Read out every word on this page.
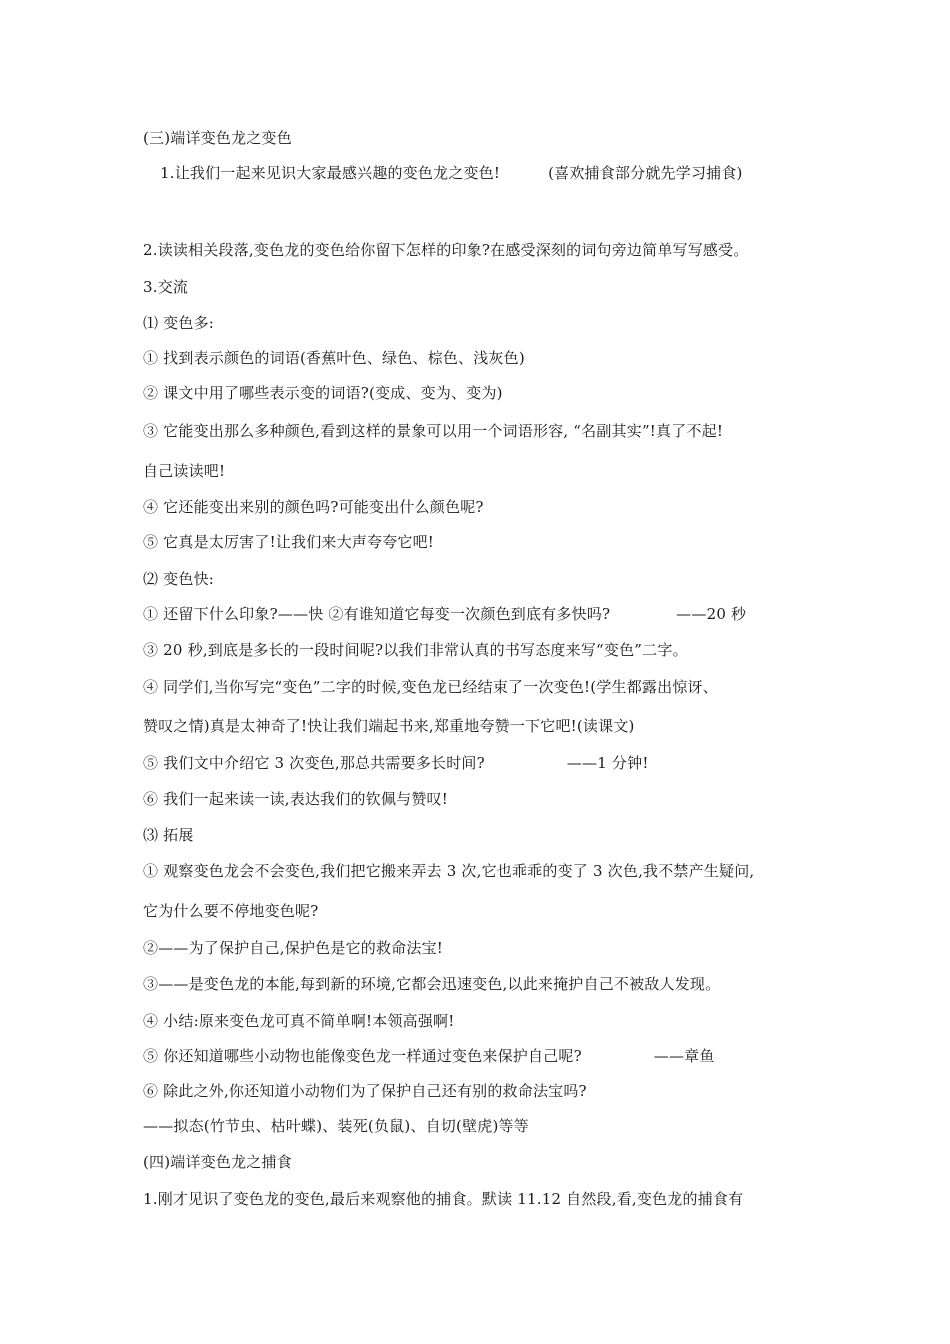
(三)端详变色龙之变色
1.让我们一起来见识大家最感兴趣的变色龙之变色!	(喜欢捕食部分就先学习捕食)
2.读读相关段落,变色龙的变色给你留下怎样的印象?在感受深刻的词句旁边简单写写感受。
3.交流
⑴ 变色多:
① 找到表示颜色的词语(香蕉叶色、绿色、棕色、浅灰色)
② 课文中用了哪些表示变的词语?(变成、变为、变为)
③ 它能变出那么多种颜色,看到这样的景象可以用一个词语形容, “名副其实”!真了不起!
自己读读吧!
④ 它还能变出来别的颜色吗?可能变出什么颜色呢?
⑤ 它真是太厉害了!让我们来大声夸夸它吧!
⑵ 变色快:
① 还留下什么印象?——快 ②有谁知道它每变一次颜色到底有多快吗?	——20 秒
③ 20 秒,到底是多长的一段时间呢?以我们非常认真的书写态度来写“变色”二字。
④ 同学们,当你写完“变色”二字的时候,变色龙已经结束了一次变色!(学生都露出惊讶、
赞叹之情)真是太神奇了!快让我们端起书来,郑重地夸赞一下它吧!(读课文)
⑤ 我们文中介绍它 3 次变色,那总共需要多长时间?	——1 分钟!
⑥ 我们一起来读一读,表达我们的钦佩与赞叹!
⑶ 拓展
① 观察变色龙会不会变色,我们把它搬来弄去 3 次,它也乖乖的变了 3 次色,我不禁产生疑问,
它为什么要不停地变色呢?
②——为了保护自己,保护色是它的救命法宝!
③——是变色龙的本能,每到新的环境,它都会迅速变色,以此来掩护自己不被敌人发现。
④ 小结:原来变色龙可真不简单啊!本领高强啊!
⑤ 你还知道哪些小动物也能像变色龙一样通过变色来保护自己呢?	——章鱼
⑥ 除此之外,你还知道小动物们为了保护自己还有别的救命法宝吗?
——拟态(竹节虫、枯叶蝶)、装死(负鼠)、自切(壁虎)等等
(四)端详变色龙之捕食
1.刚才见识了变色龙的变色,最后来观察他的捕食。默读 11.12 自然段,看,变色龙的捕食有
